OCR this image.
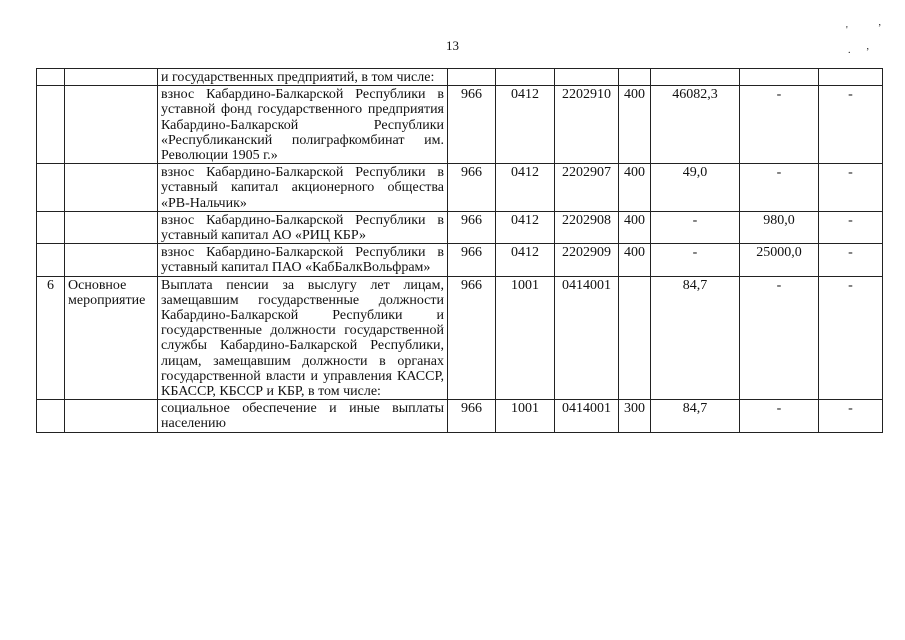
13
'	’
. ’
		и государственных предприятий, в том числе:							
		взнос Кабардино-Балкарской Республики в уставной фонд государственного предприятия Кабардино-Балкарской Республики «Республиканский полиграфкомбинат им. Революции 1905 г.»	966	0412	2202910	400	46082,3	-	-
		взнос Кабардино-Балкарской Республики в уставный капитал акционерного общества «РВ-Нальчик»	966	0412	2202907	400	49,0	-	-
		взнос Кабардино-Балкарской Республики в уставный капитал АО «РИЦ КБР»	966	0412	2202908	400	-	980,0	-
		взнос Кабардино-Балкарской Республики в уставный капитал ПАО «КабБалкВольфрам»	966	0412	2202909	400	-	25000,0	-
6	Основное мероприятие	Выплата пенсии за выслугу лет лицам, замещавшим государственные должности Кабардино-Балкарской Республики и государственные должности государственной службы Кабардино-Балкарской Республики, лицам, замещавшим должности в органах государственной власти и управления КАССР, КБАССР, КБССР и КБР, в том числе:	966	1001	0414001		84,7	-	-
		социальное обеспечение и иные выплаты населению	966	1001	0414001	300	84,7	-	-
